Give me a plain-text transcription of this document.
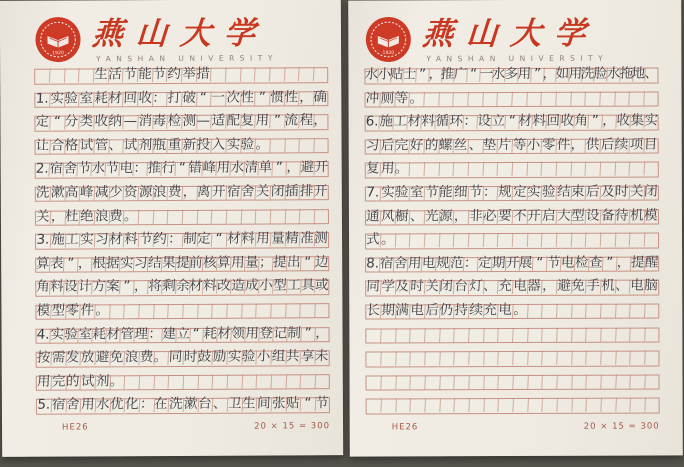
1920
燕山大学
YANSHAN UNIVERSITY
生 活 节 能 节 约 举 措
1. 实 验 室 耗 材 回 收 ： 打 破 “ 一 次 性 ” 惯 性 ， 确
定 “ 分 类 收 纳 — 消 毒 检 测 — 适 配 复 用 ” 流 程 ，
让 合 格 试 管 、 试 剂 瓶 重 新 投 入 实 验 。
2. 宿 舍 节 水 节 电 ： 推 行 “ 错 峰 用 水 清 单 ” ， 避 开
洗 漱 高 峰 减 少 资 源 浪 费 ， 离 开 宿 舍 关 闭 插 排 开
关 ， 杜 绝 浪 费 。
3. 施 工 实 习 材 料 节 约 ： 制 定 “ 材 料 用 量 精 准 测
算 表 ” ， 根 据 实 习 结 果 提 前 核 算 用 量 ； 提 出 “ 边
角 料 设 计 方 案 ” ， 将 剩 余 材 料 改 造 成 小 型 工 具 或
模 型 零 件 。
4. 实 验 室 耗 材 管 理 ： 建 立 “ 耗 材 领 用 登 记 制 ” ，
按 需 发 放 避 免 浪 费 。 同 时 鼓 励 实 验 小 组 共 享 未
用 完 的 试 剂 。
5. 宿 舍 用 水 优 化 ： 在 洗 漱 台 、 卫 生 间 张 贴 “ 节
HE26	20 × 15 = 300
1920
燕山大学
YANSHAN UNIVERSITY
水
小
贴
士 ” ，
推
广 “ 一
水
多
用 ” ，
如
用
洗
脸
水
拖
地
、
冲 厕 等 。
6. 施 工 材 料 循 环 ： 设 立 “ 材 料 回 收 角 ” ， 收 集 实
习 后 完 好 的 螺 丝 、 垫 片 等 小 零 件 ， 供 后 续 项 目
复 用 。
7. 实 验 室 节 能 细 节 ： 规 定 实 验 结 束 后 及 时 关 闭
通 风 橱 、 光 源 ， 非 必 要 不 开 启 大 型 设 备 待 机 模
式 。
8. 宿 舍 用 电 规 范 ： 定 期 开 展 “ 节 电 检 查 ” ， 提 醒
同 学 及 时 关 闭 台 灯 、 充 电 器 ， 避 免 手 机 、 电 脑
长 期 满 电 后 仍 持 续 充 电 。
HE26	20 × 15 = 300
